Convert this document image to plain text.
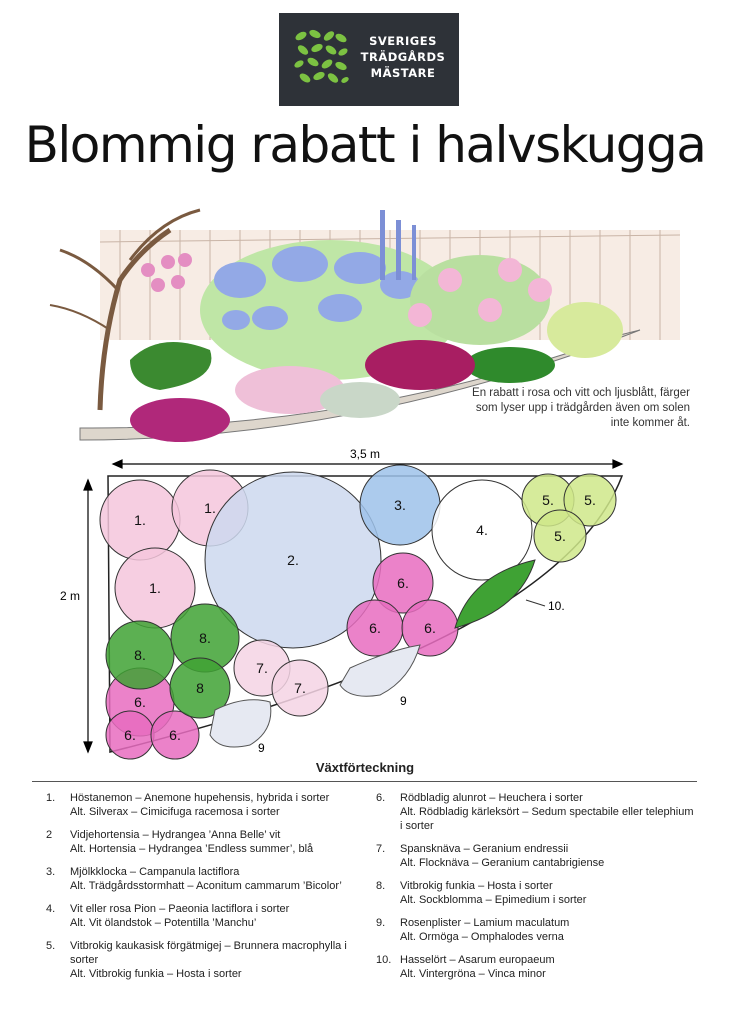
SVERIGES
TRÄDGÅRDS
MÄSTARE
Blommig rabatt i halvskugga
En rabatt i rosa och vitt och ljusblått, färger som lyser upp i trädgården även om solen inte kommer åt.
3,5 m
2 m
1.
1.
1.
2.
3.
4.
5. 5.
5.
6.
6.	6.
6.
6. 6.
7.
7.
8.
8.
8
9
9
10.
Växtförteckning
1. Höstanemon – Anemone hupehensis, hybrida i sorter
Alt. Silverax – Cimicifuga racemosa i sorter
2 Vidjehortensia – Hydrangea ’Anna Belle’ vit
Alt. Hortensia – Hydrangea ’Endless summer’, blå
3. Mjölkklocka – Campanula lactiflora
Alt. Trädgårdsstormhatt – Aconitum cammarum ’Bicolor’
4. Vit eller rosa Pion – Paeonia lactiflora i sorter
Alt. Vit ölandstok – Potentilla ’Manchu’
5. Vitbrokig kaukasisk förgätmigej – Brunnera macrophylla i sorter
Alt. Vitbrokig funkia – Hosta i sorter
6. Rödbladig alunrot – Heuchera i sorter
Alt. Rödbladig kärleksört – Sedum spectabile eller telephium i sorter
7. Spansknäva – Geranium endressii
Alt. Flocknäva – Geranium cantabrigiense
8. Vitbrokig funkia – Hosta i sorter
Alt. Sockblomma – Epimedium i sorter
9. Rosenplister – Lamium maculatum
Alt. Ormöga – Omphalodes verna
10. Hasselört – Asarum europaeum
Alt. Vintergröna – Vinca minor
